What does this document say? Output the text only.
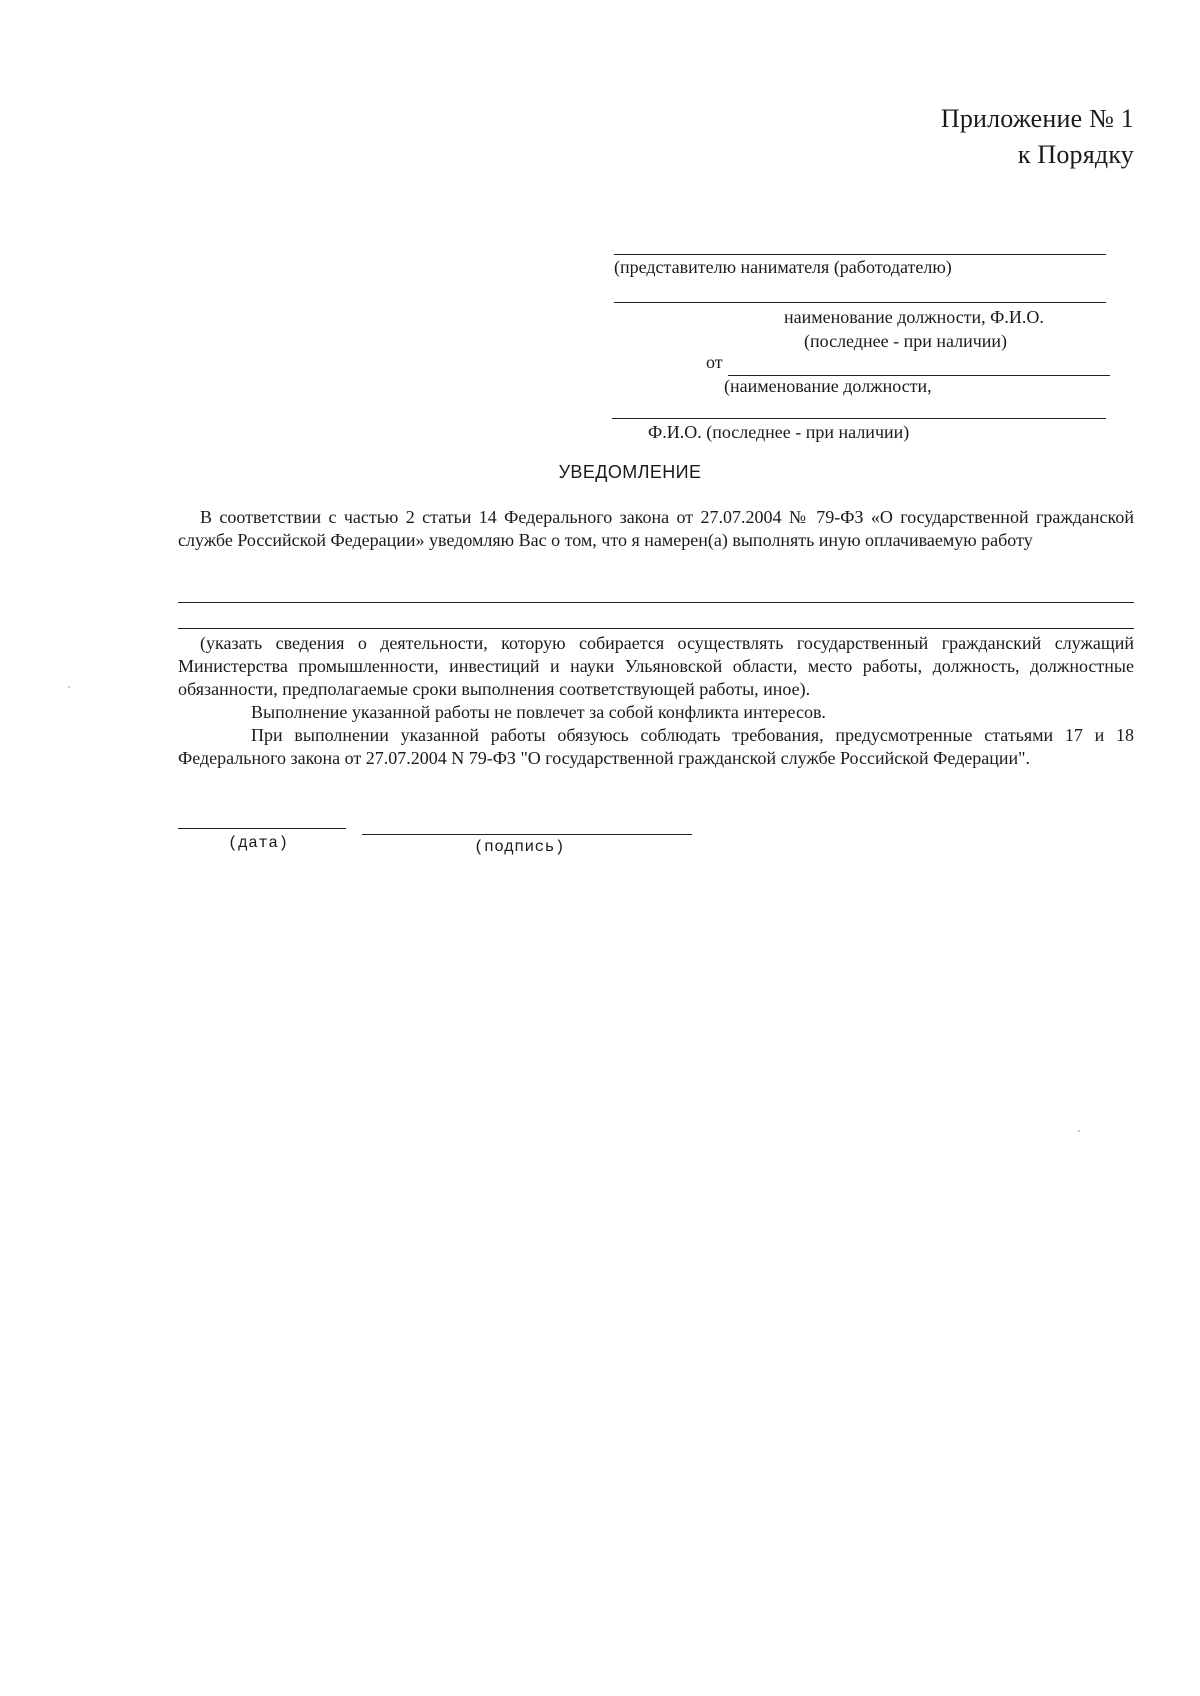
Приложение № 1
к Порядку
(представителю нанимателя (работодателю)
наименование должности, Ф.И.О.
(последнее - при наличии)
от
(наименование должности,
Ф.И.О. (последнее - при наличии)
УВЕДОМЛЕНИЕ
В соответствии с частью 2 статьи 14 Федерального закона от 27.07.2004 № 79-ФЗ «О государственной гражданской службе Российской Федерации» уведомляю Вас о том, что я намерен(а) выполнять иную оплачиваемую работу
(указать сведения о деятельности, которую собирается осуществлять государственный гражданский служащий Министерства промышленности, инвестиций и науки Ульяновской области, место работы, должность, должностные обязанности, предполагаемые сроки выполнения соответствующей работы, иное).
Выполнение указанной работы не повлечет за собой конфликта интересов.
При выполнении указанной работы обязуюсь соблюдать требования, предусмотренные статьями 17 и 18 Федерального закона от 27.07.2004 N 79-ФЗ "О государственной гражданской службе Российской Федерации".
(дата)	(подпись)
